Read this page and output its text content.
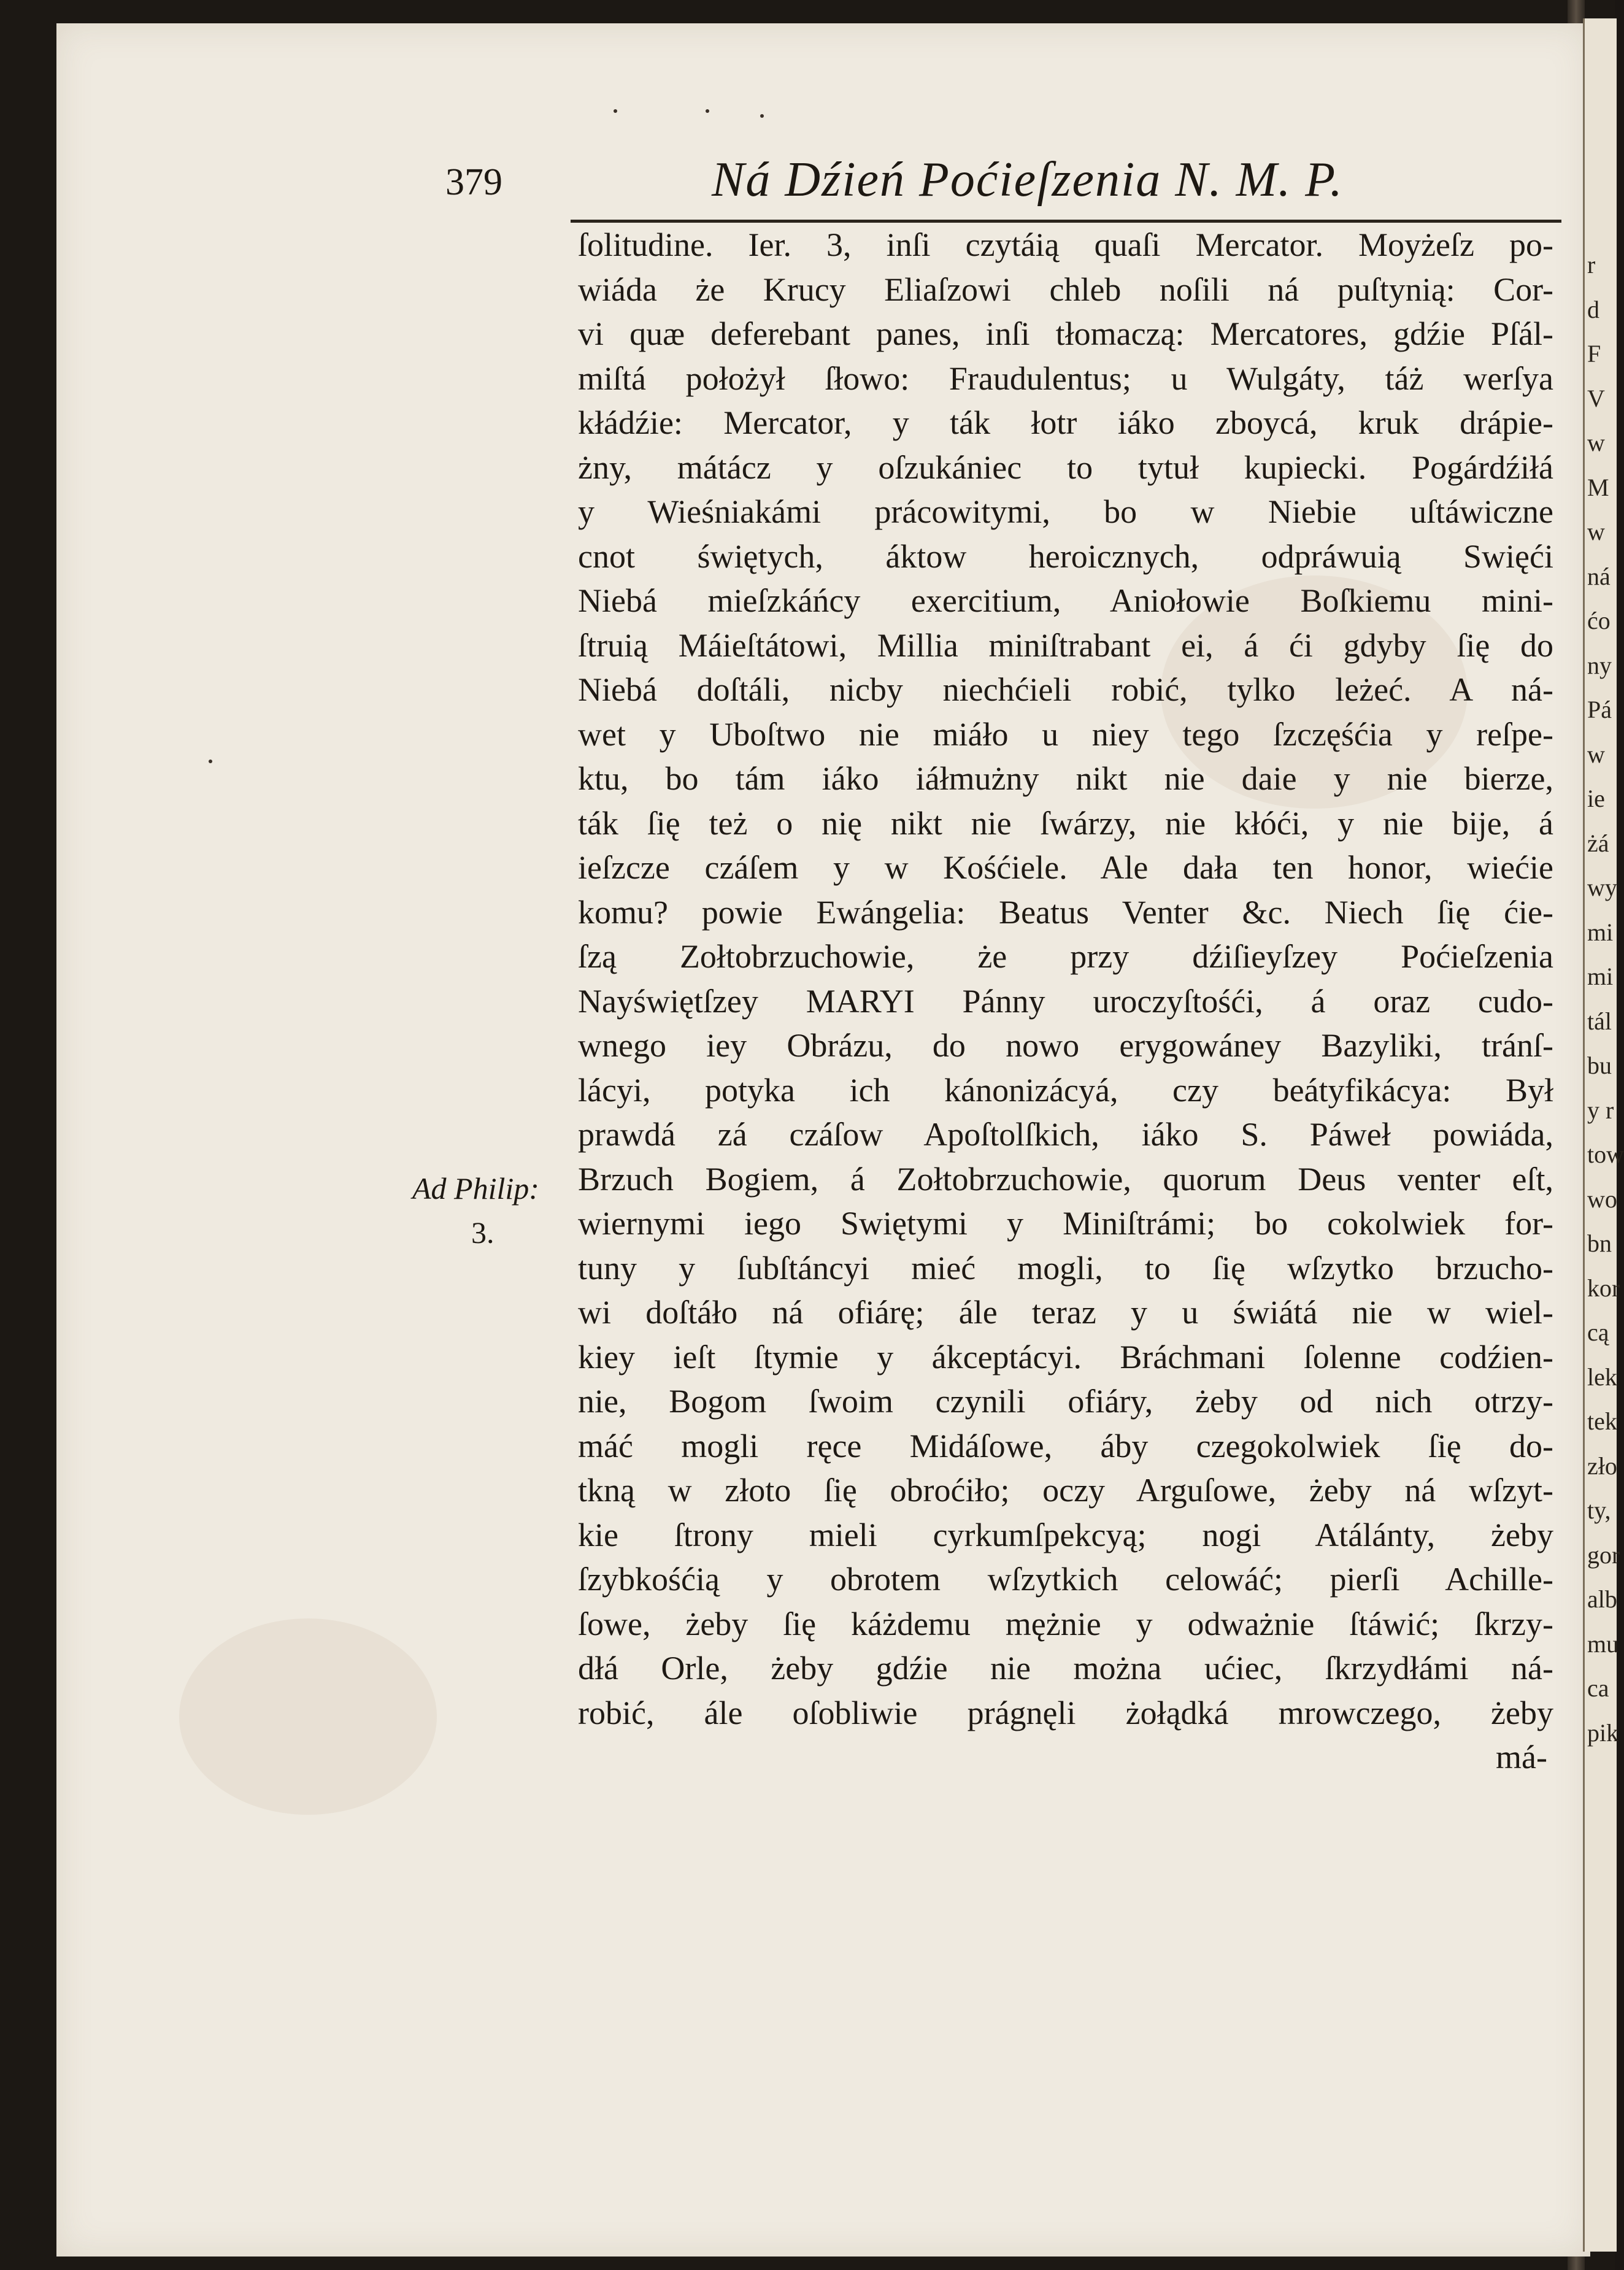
r
d
F
V
w
M
w
ná
ćo
ny
Pá
w
ie
żá
wy
mi
mi
tál
bu
y r
tow
wo
bn
kor
cą
lek
tek
zło
ty,
gor
alb
mu
ca
pik
379	Ná Dźień Poćieſzenia N. M. P.
ſolitudine. Ier. 3, inſi czytáią quaſi Mercator. Moyżeſz po-
wiáda że Krucy Eliaſzowi chleb noſili ná puſtynią: Cor-
vi quæ deferebant panes, inſi tłomaczą: Mercatores, gdźie Pſál-
miſtá położył ſłowo: Fraudulentus; u Wulgáty, táż werſya
kłádźie: Mercator, y ták łotr iáko zboycá, kruk drápie-
żny, mátácz y oſzukániec to tytuł kupiecki. Pogárdźiłá
y Wieśniakámi prácowitymi, bo w Niebie uſtáwiczne
cnot świętych, áktow heroicznych, odpráwuią Swięći
Niebá mieſzkáńcy exercitium, Aniołowie Boſkiemu mini-
ſtruią Máieſtátowi, Millia miniſtrabant ei, á ći gdyby ſię do
Niebá doſtáli, nicby niechćieli robić, tylko leżeć. A ná-
wet y Uboſtwo nie miáło u niey tego ſzczęśćia y reſpe-
ktu, bo tám iáko iáłmużny nikt nie daie y nie bierze,
ták ſię też o nię nikt nie ſwárzy, nie kłóći, y nie bije, á
ieſzcze czáſem y w Kośćiele. Ale dała ten honor, wiećie
komu? powie Ewángelia: Beatus Venter &c. Niech ſię ćie-
ſzą Zołtobrzuchowie, że przy dźiſieyſzey Poćieſzenia
Nayświętſzey MARYI Pánny uroczyſtośći, á oraz cudo-
wnego iey Obrázu, do nowo erygowáney Bazyliki, tránſ-
lácyi, potyka ich kánonizácyá, czy beátyfikácya: Był
prawdá zá czáſow Apoſtolſkich, iáko S. Páweł powiáda,
Brzuch Bogiem, á Zołtobrzuchowie, quorum Deus venter eſt,
wiernymi iego Swiętymi y Miniſtrámi; bo cokolwiek for-
tuny y ſubſtáncyi mieć mogli, to ſię wſzytko brzucho-
wi doſtáło ná ofiárę; ále teraz y u świátá nie w wiel-
kiey ieſt ſtymie y ákceptácyi. Bráchmani ſolenne codźien-
nie, Bogom ſwoim czynili ofiáry, żeby od nich otrzy-
máć mogli ręce Midáſowe, áby czegokolwiek ſię do-
tkną w złoto ſię obroćiło; oczy Arguſowe, żeby ná wſzyt-
kie ſtrony mieli cyrkumſpekcyą; nogi Atálánty, żeby
ſzybkośćią y obrotem wſzytkich celowáć; pierſi Achille-
ſowe, żeby ſię káżdemu mężnie y odważnie ſtáwić; ſkrzy-
dłá Orle, żeby gdźie nie można ućiec, ſkrzydłámi ná-
robić, ále oſobliwie prágnęli żołądká mrowczego, żeby
má-
Ad Philip:
3.
